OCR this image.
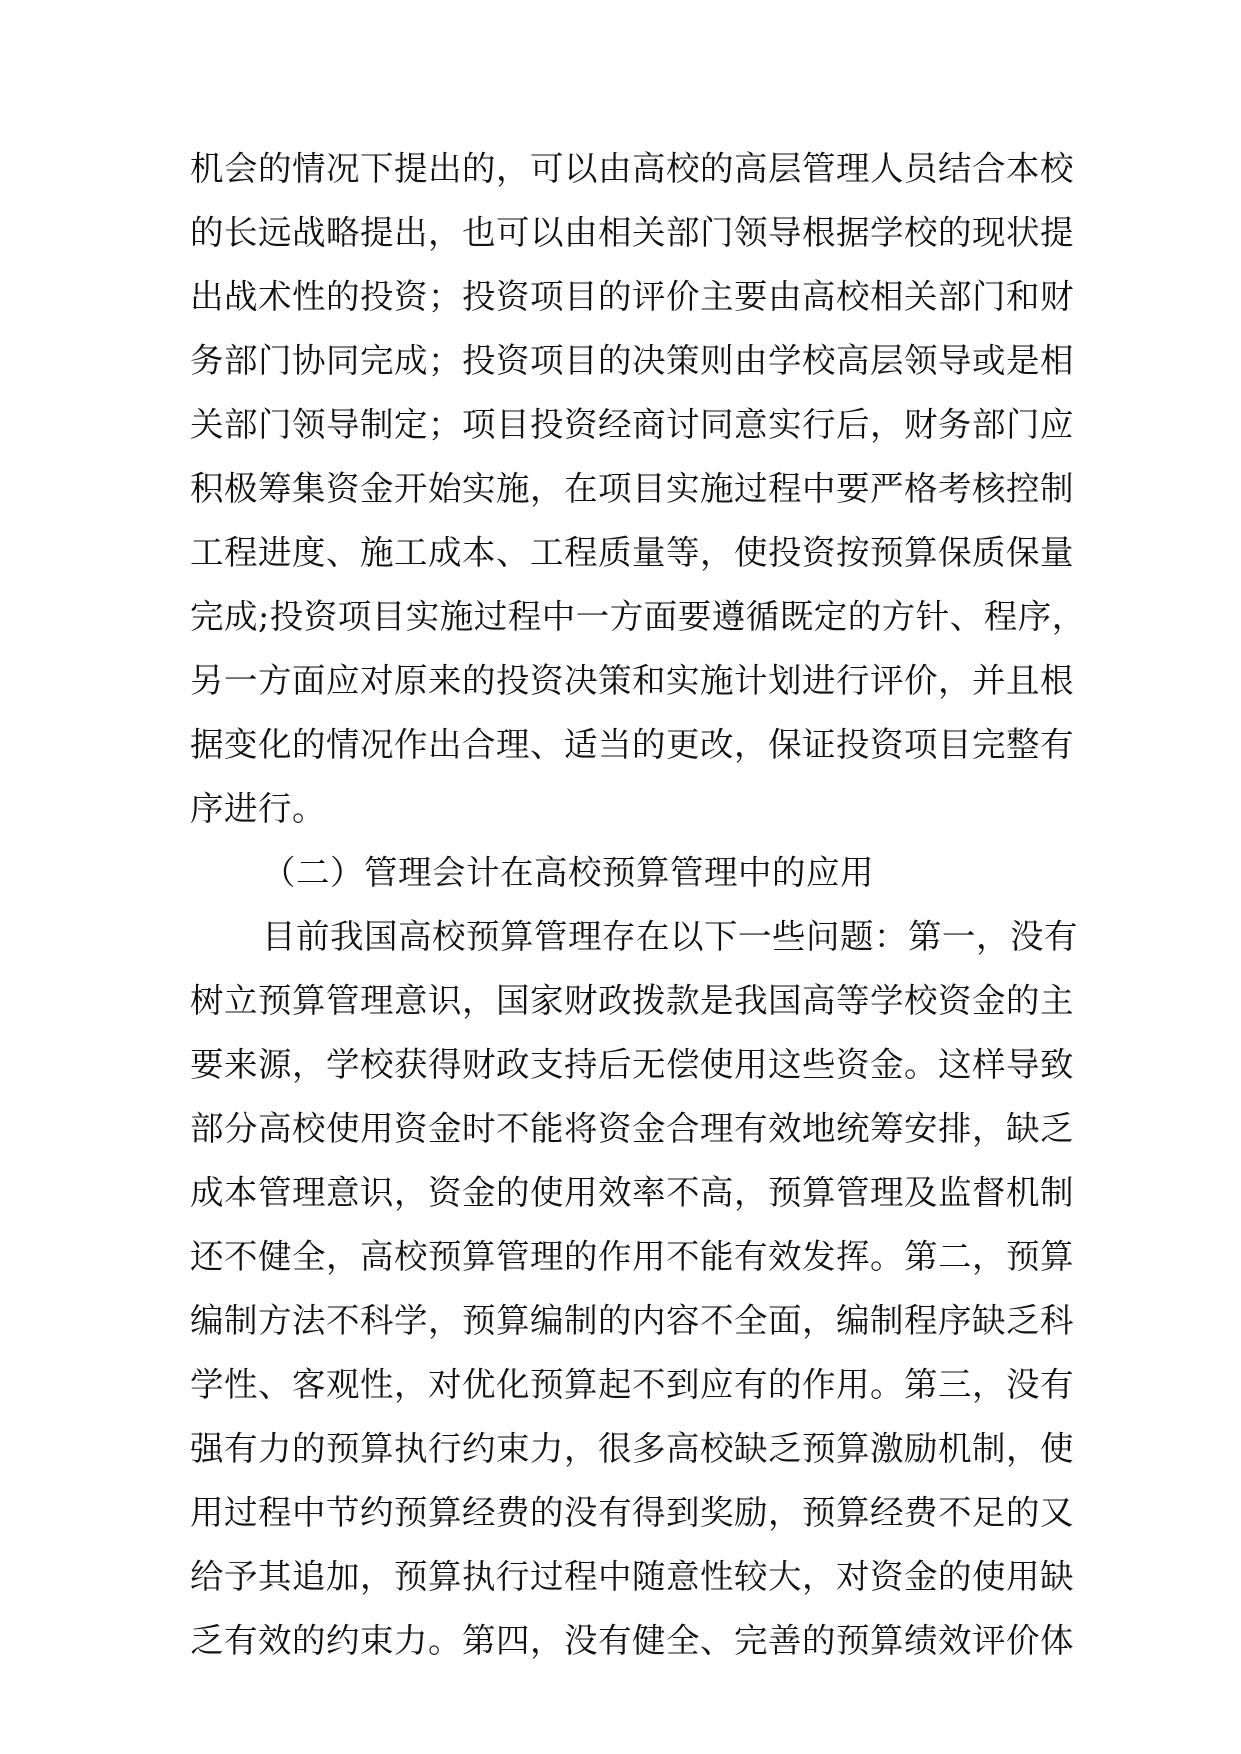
机会的情况下提出的，可以由高校的高层管理人员结合本校
的长远战略提出，也可以由相关部门领导根据学校的现状提
出战术性的投资；投资项目的评价主要由高校相关部门和财
务部门协同完成；投资项目的决策则由学校高层领导或是相
关部门领导制定；项目投资经商讨同意实行后，财务部门应
积极筹集资金开始实施，在项目实施过程中要严格考核控制
工程进度、施工成本、工程质量等，使投资按预算保质保量
完成;投资项目实施过程中一方面要遵循既定的方针、程序，
另一方面应对原来的投资决策和实施计划进行评价，并且根
据变化的情况作出合理、适当的更改，保证投资项目完整有
序进行。
（二）管理会计在高校预算管理中的应用
目前我国高校预算管理存在以下一些问题：第一，没有
树立预算管理意识，国家财政拨款是我国高等学校资金的主
要来源，学校获得财政支持后无偿使用这些资金。这样导致
部分高校使用资金时不能将资金合理有效地统筹安排，缺乏
成本管理意识，资金的使用效率不高，预算管理及监督机制
还不健全，高校预算管理的作用不能有效发挥。第二，预算
编制方法不科学，预算编制的内容不全面，编制程序缺乏科
学性、客观性，对优化预算起不到应有的作用。第三，没有
强有力的预算执行约束力，很多高校缺乏预算激励机制，使
用过程中节约预算经费的没有得到奖励，预算经费不足的又
给予其追加，预算执行过程中随意性较大，对资金的使用缺
乏有效的约束力。第四，没有健全、完善的预算绩效评价体
